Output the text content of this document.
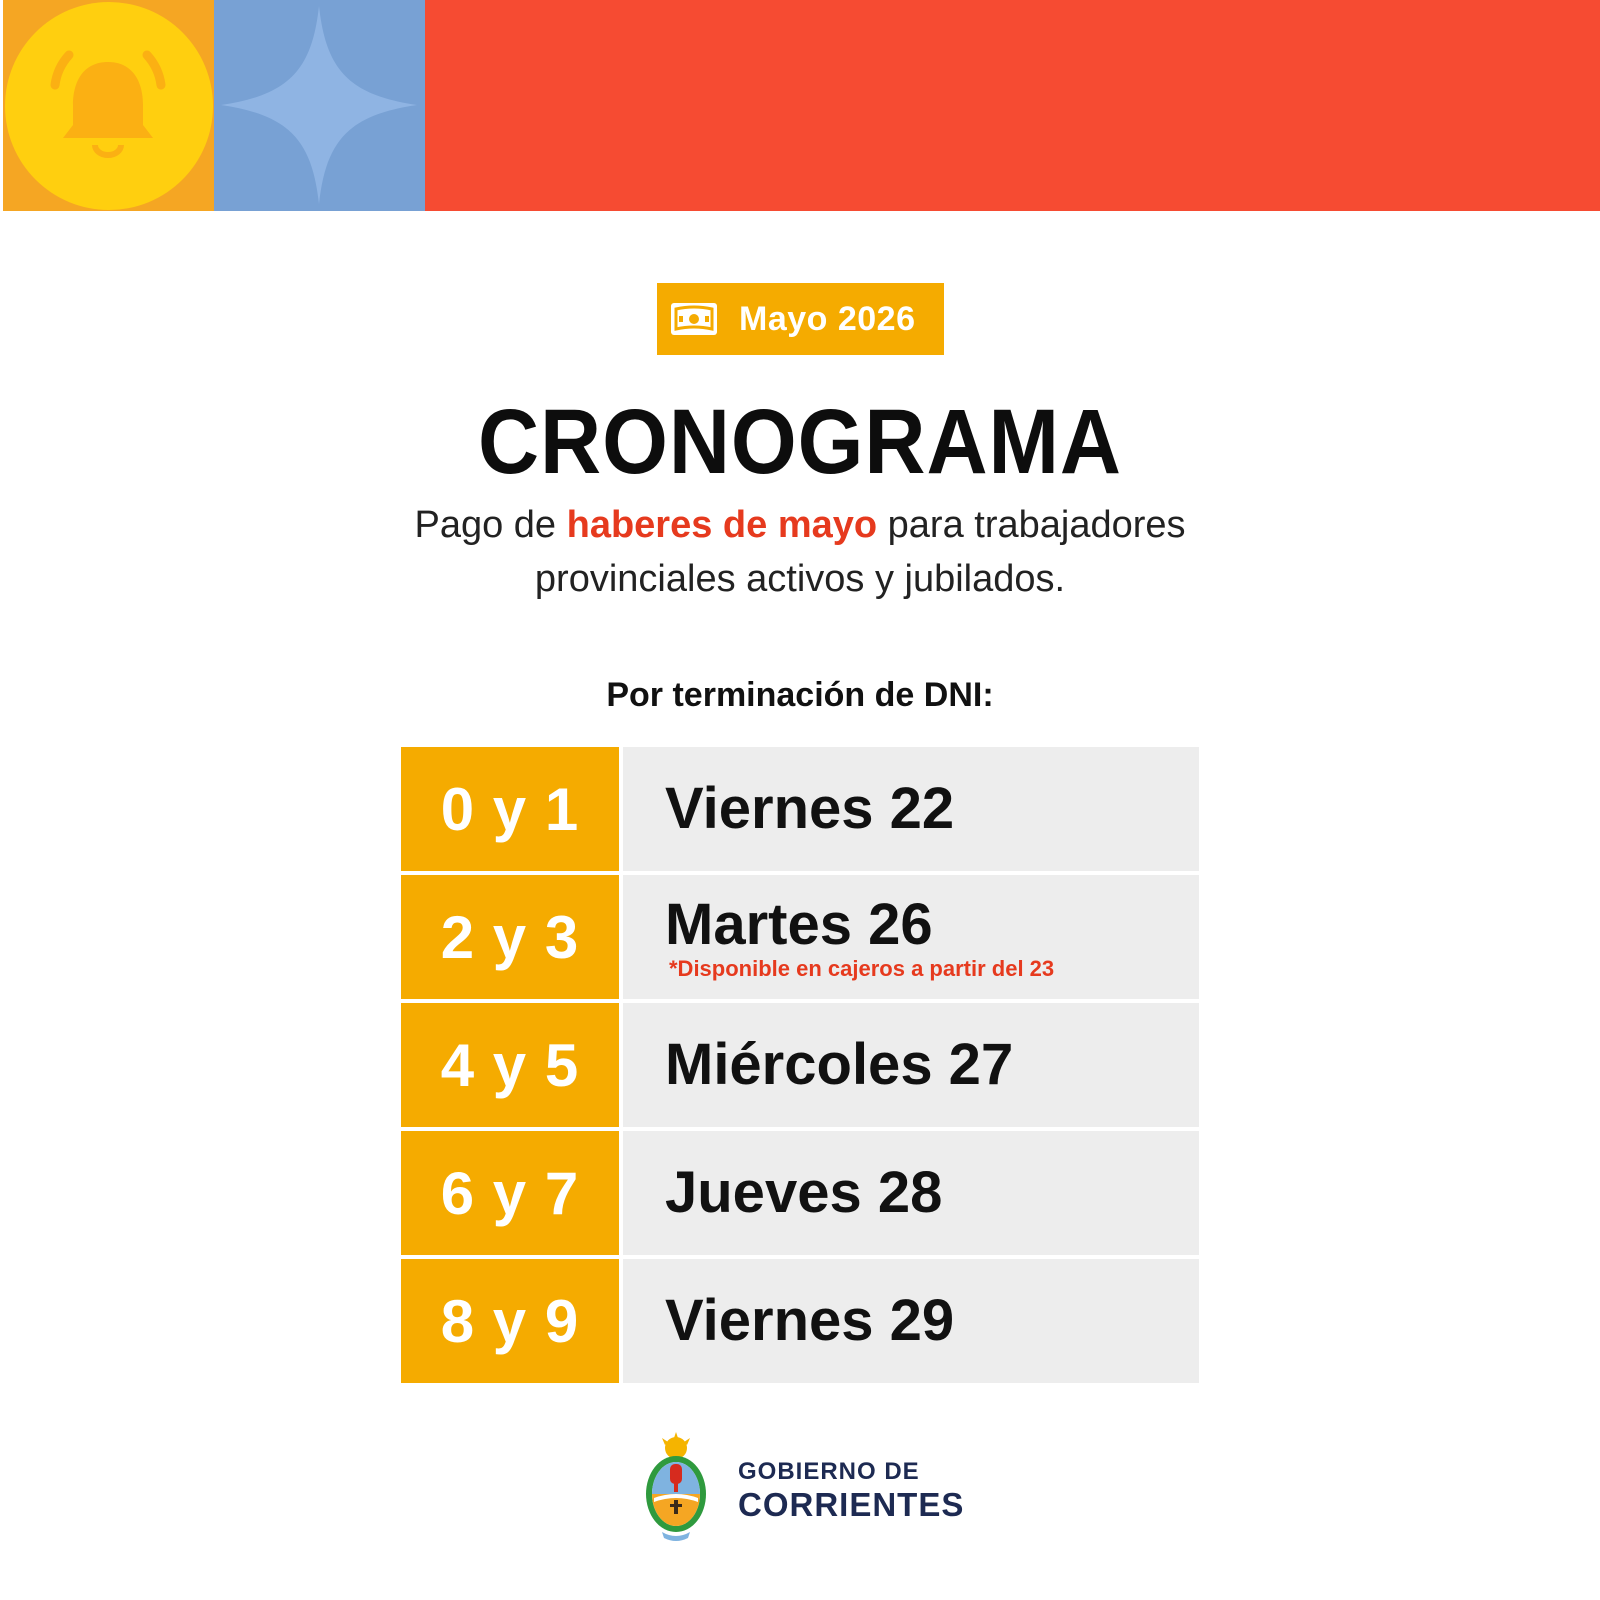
Mayo 2026
CRONOGRAMA
Pago de haberes de mayo para trabajadores
provinciales activos y jubilados.
Por terminación de DNI:
0 y 1	Viernes 22
2 y 3	Martes 26
*Disponible en cajeros a partir del 23
4 y 5	Miércoles 27
6 y 7	Jueves 28
8 y 9	Viernes 29
GOBIERNO DE
CORRIENTES
